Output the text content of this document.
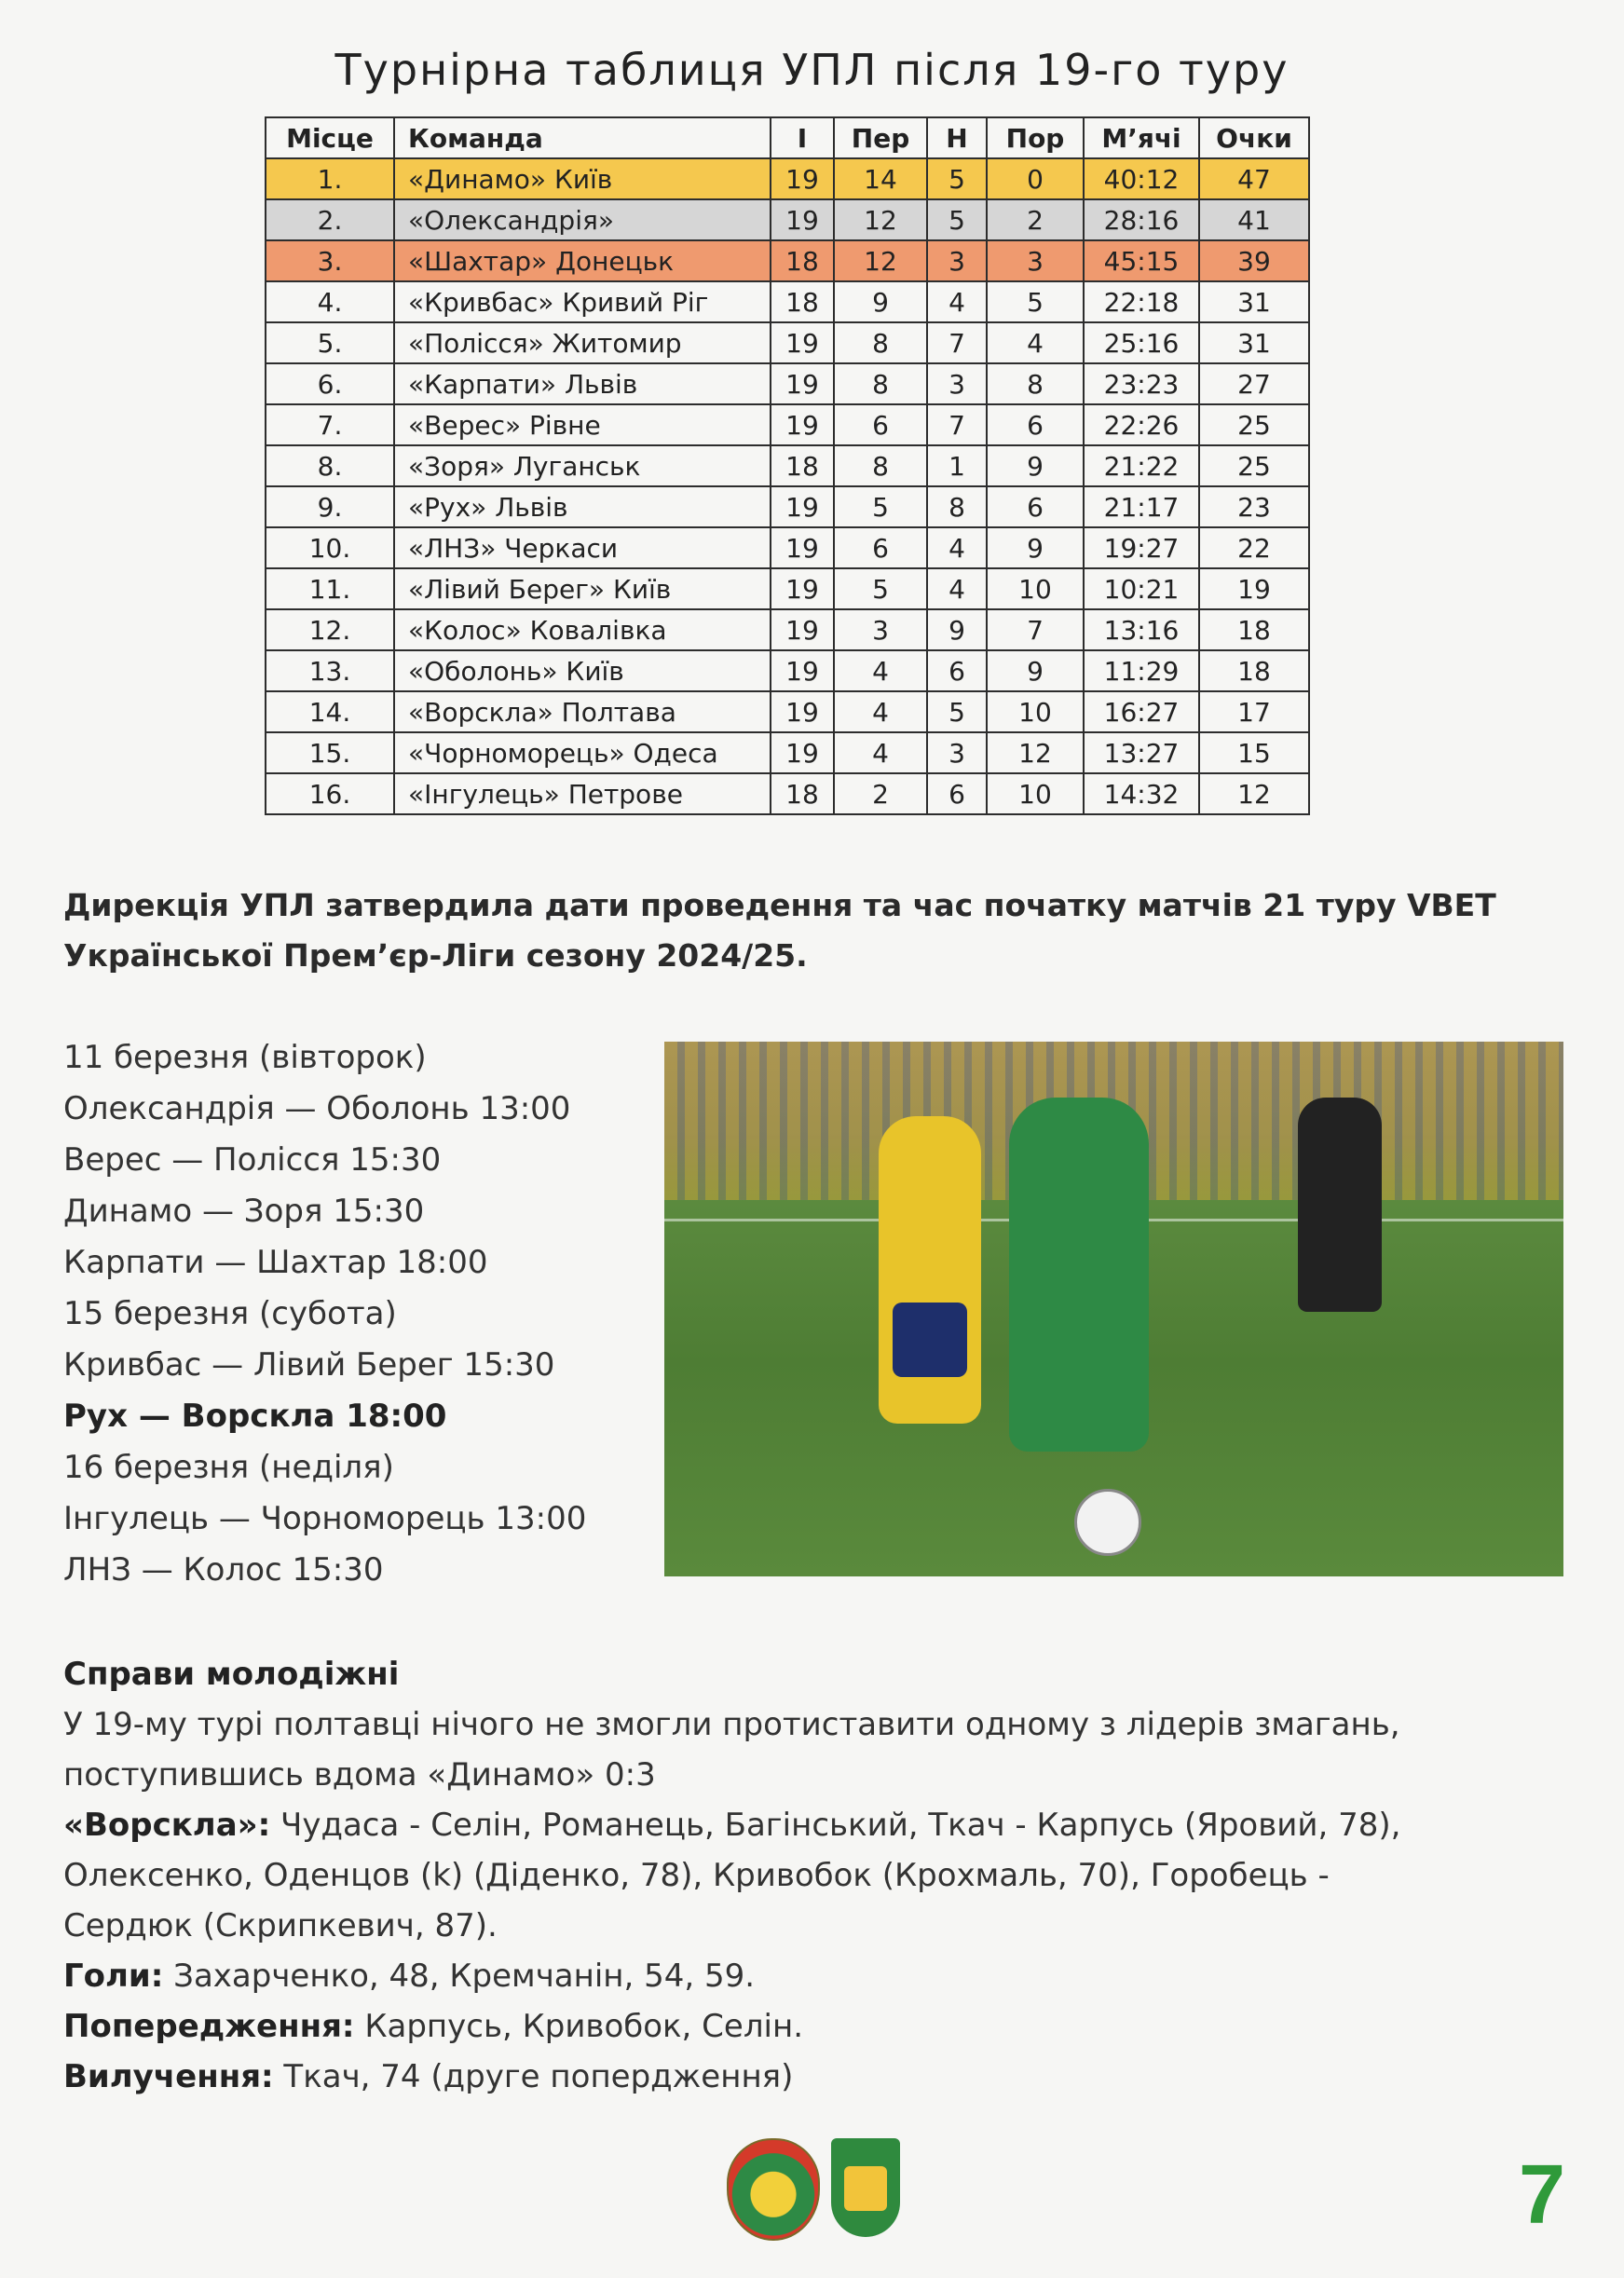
Турнірна таблиця УПЛ після 19-го туру
Місце	Команда	І	Пер	Н	Пор	М’ячі	Очки
1.	«Динамо» Київ	19	14	5	0	40:12	47
2.	«Олександрія»	19	12	5	2	28:16	41
3.	«Шахтар» Донецьк	18	12	3	3	45:15	39
4.	«Кривбас» Кривий Ріг	18	9	4	5	22:18	31
5.	«Полісся» Житомир	19	8	7	4	25:16	31
6.	«Карпати» Львів	19	8	3	8	23:23	27
7.	«Верес» Рівне	19	6	7	6	22:26	25
8.	«Зоря» Луганськ	18	8	1	9	21:22	25
9.	«Рух» Львів	19	5	8	6	21:17	23
10.	«ЛНЗ» Черкаси	19	6	4	9	19:27	22
11.	«Лівий Берег» Київ	19	5	4	10	10:21	19
12.	«Колос» Ковалівка	19	3	9	7	13:16	18
13.	«Оболонь» Київ	19	4	6	9	11:29	18
14.	«Ворскла» Полтава	19	4	5	10	16:27	17
15.	«Чорноморець» Одеса	19	4	3	12	13:27	15
16.	«Інгулець» Петрове	18	2	6	10	14:32	12
Дирекція УПЛ затвердила дати проведення та час початку матчів 21 туру VBET
Української Прем’єр-Ліги сезону 2024/25.
11 березня (вівторок)
Олександрія — Оболонь 13:00
Верес — Полісся 15:30
Динамо — Зоря 15:30
Карпати — Шахтар 18:00
15 березня (субота)
Кривбас — Лівий Берег 15:30
Рух — Ворскла 18:00
16 березня (неділя)
Інгулець — Чорноморець 13:00
ЛНЗ — Колос 15:30
Справи молодіжні
У 19-му турі полтавці нічого не змогли протиставити одному з лідерів змагань,
поступившись вдома «Динамо» 0:3
«Ворскла»: Чудаса - Селін, Романець, Багінський, Ткач - Карпусь (Яровий, 78),
Олексенко, Оденцов (k) (Діденко, 78), Кривобок (Крохмаль, 70), Горобець -
Сердюк (Скрипкевич, 87).
Голи: Захарченко, 48, Кремчанін, 54, 59.
Попередження: Карпусь, Кривобок, Селін.
Вилучення: Ткач, 74 (друге попердження)
7
